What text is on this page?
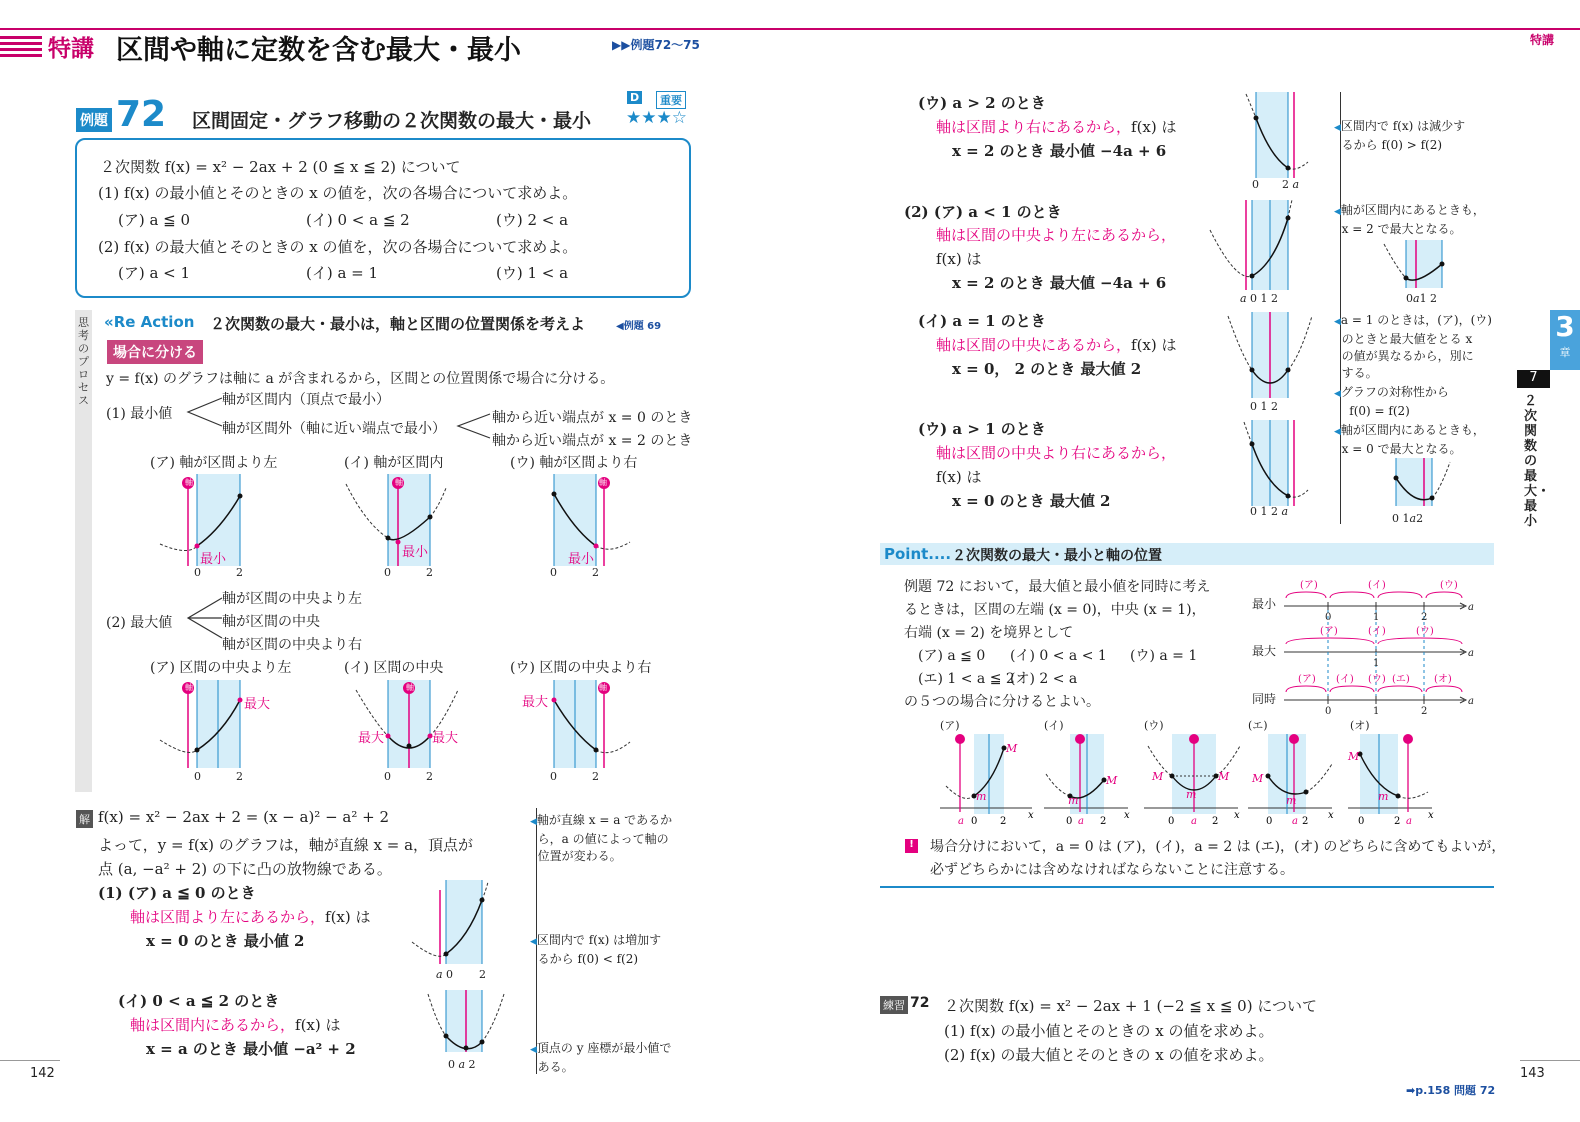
特講 区間や軸に定数を含む最大・最小	▶▶例題72〜75	特講
例題 72 区間固定・グラフ移動の２次関数の最大・最小
D	重要
★★★☆
２次関数 f(x) = x² − 2ax + 2 (0 ≦ x ≦ 2) について
(1) f(x) の最小値とそのときの x の値を，次の各場合について求めよ。
(ア) a ≦ 0	(イ) 0 < a ≦ 2	(ウ) 2 < a
(2) f(x) の最大値とそのときの x の値を，次の各場合について求めよ。
(ア) a < 1	(イ) a = 1	(ウ) 1 < a
思考のプロセス
«Re Action ２次関数の最大・最小は，軸と区間の位置関係を考えよ	◀例題 69
場合に分ける
y = f(x) のグラフは軸に a が含まれるから，区間との位置関係で場合に分ける。
(1) 最小値
軸が区間内（頂点で最小）
軸が区間外（軸に近い端点で最小）
軸から近い端点が x = 0 のとき
軸から近い端点が x = 2 のとき
(ア) 軸が区間より左	(イ) 軸が区間内	(ウ) 軸が区間より右
(2) 最大値
軸が区間の中央より左
軸が区間の中央
軸が区間の中央より右
(ア) 区間の中央より左	(イ) 区間の中央	(ウ) 区間の中央より右
軸
最小
0	2
軸
最小
0	2
軸
最小
0	2
軸
最大
0	2
軸
最大	最大
0	2
軸
最大
0	2
解 f(x) = x² − 2ax + 2 = (x − a)² − a² + 2
よって，y = f(x) のグラフは，軸が直線 x = a，頂点が
点 (a, −a² + 2) の下に凸の放物線である。
(1) (ア) a ≦ 0 のとき
軸は区間より左にあるから，f(x) は
x = 0 のとき 最小値 2
(イ) 0 < a ≦ 2 のとき
軸は区間内にあるから，f(x) は
x = a のとき 最小値 −a² + 2
a 0 2
0 a 2
◀軸が直線 x = a であるか
ら，a の値によって軸の
位置が変わる。
◀区間内で f(x) は増加す
るから f(0) < f(2)
◀頂点の y 座標が最小値で
ある。
(ウ) a > 2 のとき
軸は区間より右にあるから，f(x) は
x = 2 のとき 最小値 −4a + 6
(2) (ア) a < 1 のとき
軸は区間の中央より左にあるから，
f(x) は
x = 2 のとき 最大値 −4a + 6
(イ) a = 1 のとき
軸は区間の中央にあるから，f(x) は
x = 0， 2 のとき 最大値 2
(ウ) a > 1 のとき
軸は区間の中央より右にあるから，
f(x) は
x = 0 のとき 最大値 2
0 2 a
a 0 1 2
0 1 2
0 1 2 a
◀区間内で f(x) は減少す
るから f(0) > f(2)
◀軸が区間内にあるときも，
x = 2 で最大となる。
0a1 2
◀a = 1 のときは，(ア)，(ウ)
のときと最大値をとる x
の値が異なるから，別に
する。
◀グラフの対称性から
f(0) = f(2)
◀軸が区間内にあるときも，
x = 0 で最大となる。
0 1a2
Point.... ２次関数の最大・最小と軸の位置
例題 72 において，最大値と最小値を同時に考え
るときは，区間の左端 (x = 0)，中央 (x = 1)，
右端 (x = 2) を境界として
(ア) a ≦ 0 (イ) 0 < a < 1 (ウ) a = 1
(エ) 1 < a ≦ 2
(オ) 2 < a
の５つの場合に分けるとよい。
最小
最大
同時
0	1	2
a
1
a
0	1	2
a
(ア)	(イ)	(ウ)
(ア)	(イ)	(ウ)
(ア) (イ) (ウ) (エ) (オ)
(ア)	(イ)	(ウ)	(エ)	(オ)
M
m
a 0 2
x
M
m
0 a 2
x
M	M
m
0 a 2
x
M
m
0 a 2
x
M
m
0	2 a
x
!	場合分けにおいて，a = 0 は (ア)，(イ)，a = 2 は (エ)，(オ) のどちらに含めてもよいが，
必ずどちらかには含めなければならないことに注意する。
練習 72 ２次関数 f(x) = x² − 2ax + 1 (−2 ≦ x ≦ 0) について
(1) f(x) の最小値とそのときの x の値を求めよ。
(2) f(x) の最大値とそのときの x の値を求めよ。
3
章
7
２次関数の最大・最小
142	143
➡p.158 問題 72
